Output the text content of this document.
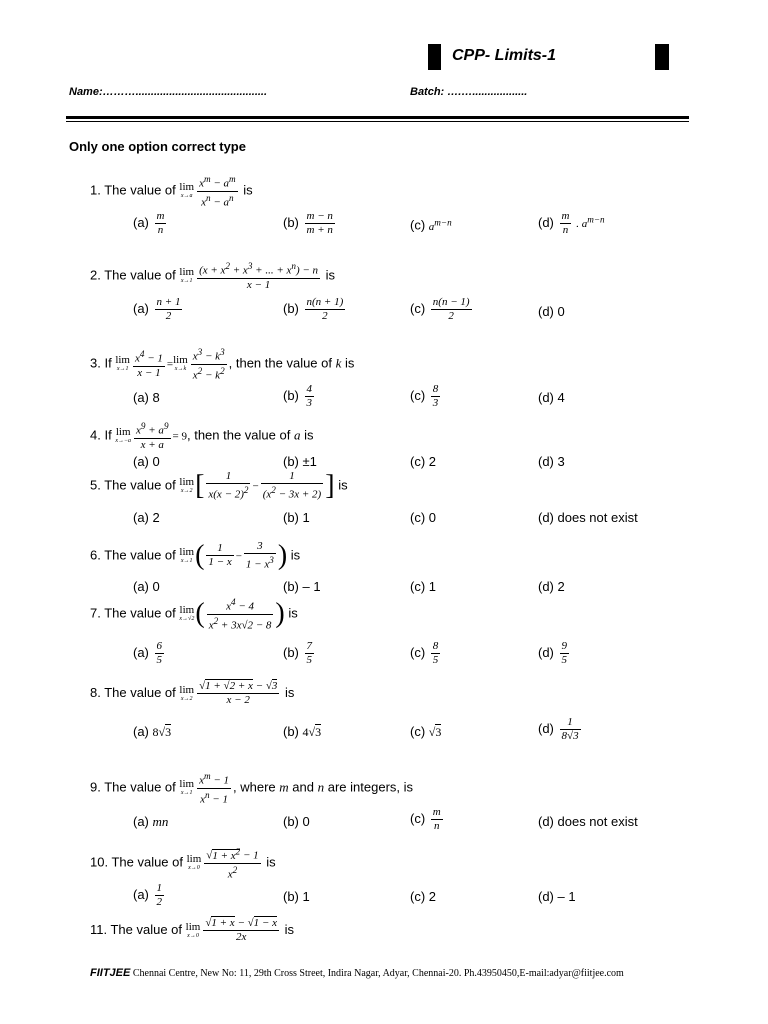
CPP- Limits-1
Name:………...........................................	Batch: ….…..................
Only one option correct type
1. The value of lim
$x\to a \frac{x^m - a^m}{x^n - a^n}$ is
$(a) \frac{m}{n}$	$(b) \frac{m - n}{m + n}$	(c) $a^{m-n}$	$(d) \frac{m}{n}$ . $a^{m-n}$
2. The value of lim
$x\to 1 \frac{(x + x^2 + x^3 + ... + x^n) - n}{x - 1}$ is
$(a) \frac{n + 1}{2}$	$(b) \frac{n(n + 1)}{2}$	$(c) \frac{n(n - 1)}{2}$	(d) 0
3. If lim
$x\to 1 \frac{x^4 - 1}{x - 1} = \lim$
$x\to k \frac{x^3 - k^3}{x^2 - k^2}$ , then the value of k is
(a) 8	$(b) \frac{4}{3}$	$(c) \frac{8}{3}$	(d) 4
4. If lim
$x\to-a \frac{x^9 + a^9}{x + a} = 9$, then the value of a is
(a) 0	(b) ±1	(c) 2	(d) 3
5. The value of lim
x→2 [ $\frac{1}{x(x - 2)^2} - \frac{1}{(x^2 - 3x + 2)}$ ] is
(a) 2	(b) 1	(c) 0	(d) does not exist
6. The value of lim
x→1 ( $\frac{1}{1 - x} - \frac{3}{1 - x^3}$ ) is
(a) 0	(b) – 1	(c) 1	(d) 2
7. The value of lim
x→√2 ( $\frac{x^4 - 4}{x^2 + 3x√2 - 8}$ ) is
$(a) \frac{6}{5}$	$(b) \frac{7}{5}$	$(c) \frac{8}{5}$	$(d) \frac{9}{5}$
8. The value of lim
$x\to 2 \frac{√1 + √2 + x - √3}{x - 2}$ is
(a) 8√3	(b) 4√3	(c) √3	$(d) \frac{1}{8√3}$
9. The value of lim
$x\to 1 \frac{x^m - 1}{x^n - 1}$ , where m and n are integers, is
(a) mn	(b) 0	$(c) \frac{m}{n}$	(d) does not exist
10. The value of lim
$x\to 0 \frac{√1 + x^2 - 1}{x^2}$ is
$(a) \frac{1}{2}$	(b) 1	(c) 2	(d) – 1
11. The value of lim
$x\to 0 \frac{√1 + x - √1 - x}{2x}$ is
FIITJEE Chennai Centre, New No: 11, 29th Cross Street, Indira Nagar, Adyar, Chennai-20. Ph.43950450,E-mail:adyar@fiitjee.com
